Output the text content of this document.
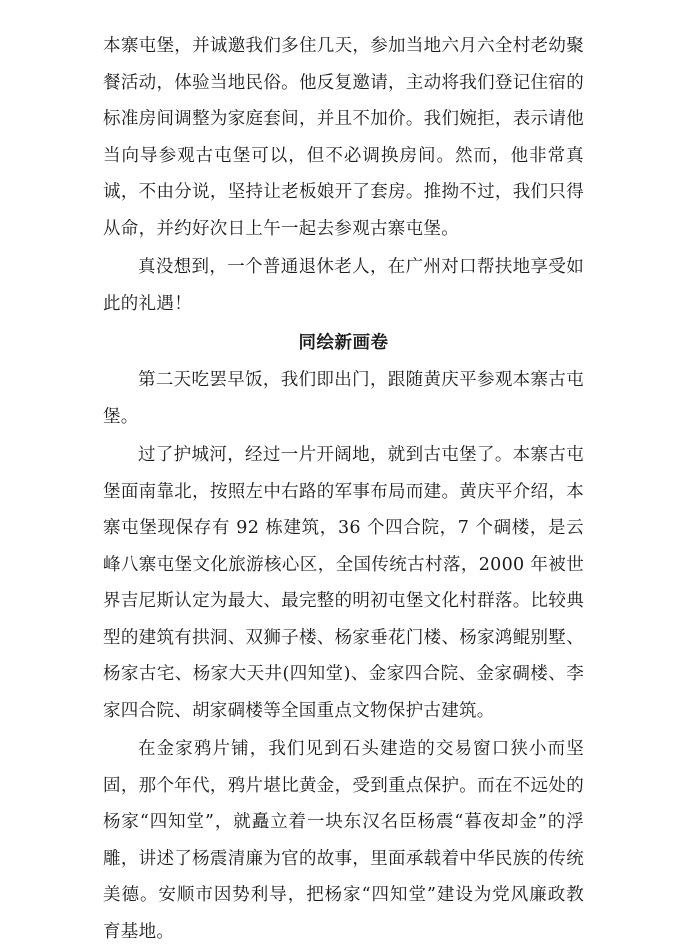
本寨屯堡，并诚邀我们多住几天，参加当地六月六全村老幼聚餐活动，体验当地民俗。他反复邀请，主动将我们登记住宿的标准房间调整为家庭套间，并且不加价。我们婉拒，表示请他当向导参观古屯堡可以，但不必调换房间。然而，他非常真诚，不由分说，坚持让老板娘开了套房。推拗不过，我们只得从命，并约好次日上午一起去参观古寨屯堡。

真没想到，一个普通退休老人，在广州对口帮扶地享受如此的礼遇！

同绘新画卷

第二天吃罢早饭，我们即出门，跟随黄庆平参观本寨古屯堡。

过了护城河，经过一片开阔地，就到古屯堡了。本寨古屯堡面南靠北，按照左中右路的军事布局而建。黄庆平介绍，本寨屯堡现保存有 92 栋建筑，36 个四合院，7 个碉楼，是云峰八寨屯堡文化旅游核心区，全国传统古村落，2000 年被世界吉尼斯认定为最大、最完整的明初屯堡文化村群落。比较典型的建筑有拱洞、双狮子楼、杨家垂花门楼、杨家鸿鲲别墅、杨家古宅、杨家大天井(四知堂)、金家四合院、金家碉楼、李家四合院、胡家碉楼等全国重点文物保护古建筑。

在金家鸦片铺，我们见到石头建造的交易窗口狭小而坚固，那个年代，鸦片堪比黄金，受到重点保护。而在不远处的杨家“四知堂”，就矗立着一块东汉名臣杨震“暮夜却金”的浮雕，讲述了杨震清廉为官的故事，里面承载着中华民族的传统美德。安顺市因势利导，把杨家“四知堂”建设为党风廉政教育基地。
